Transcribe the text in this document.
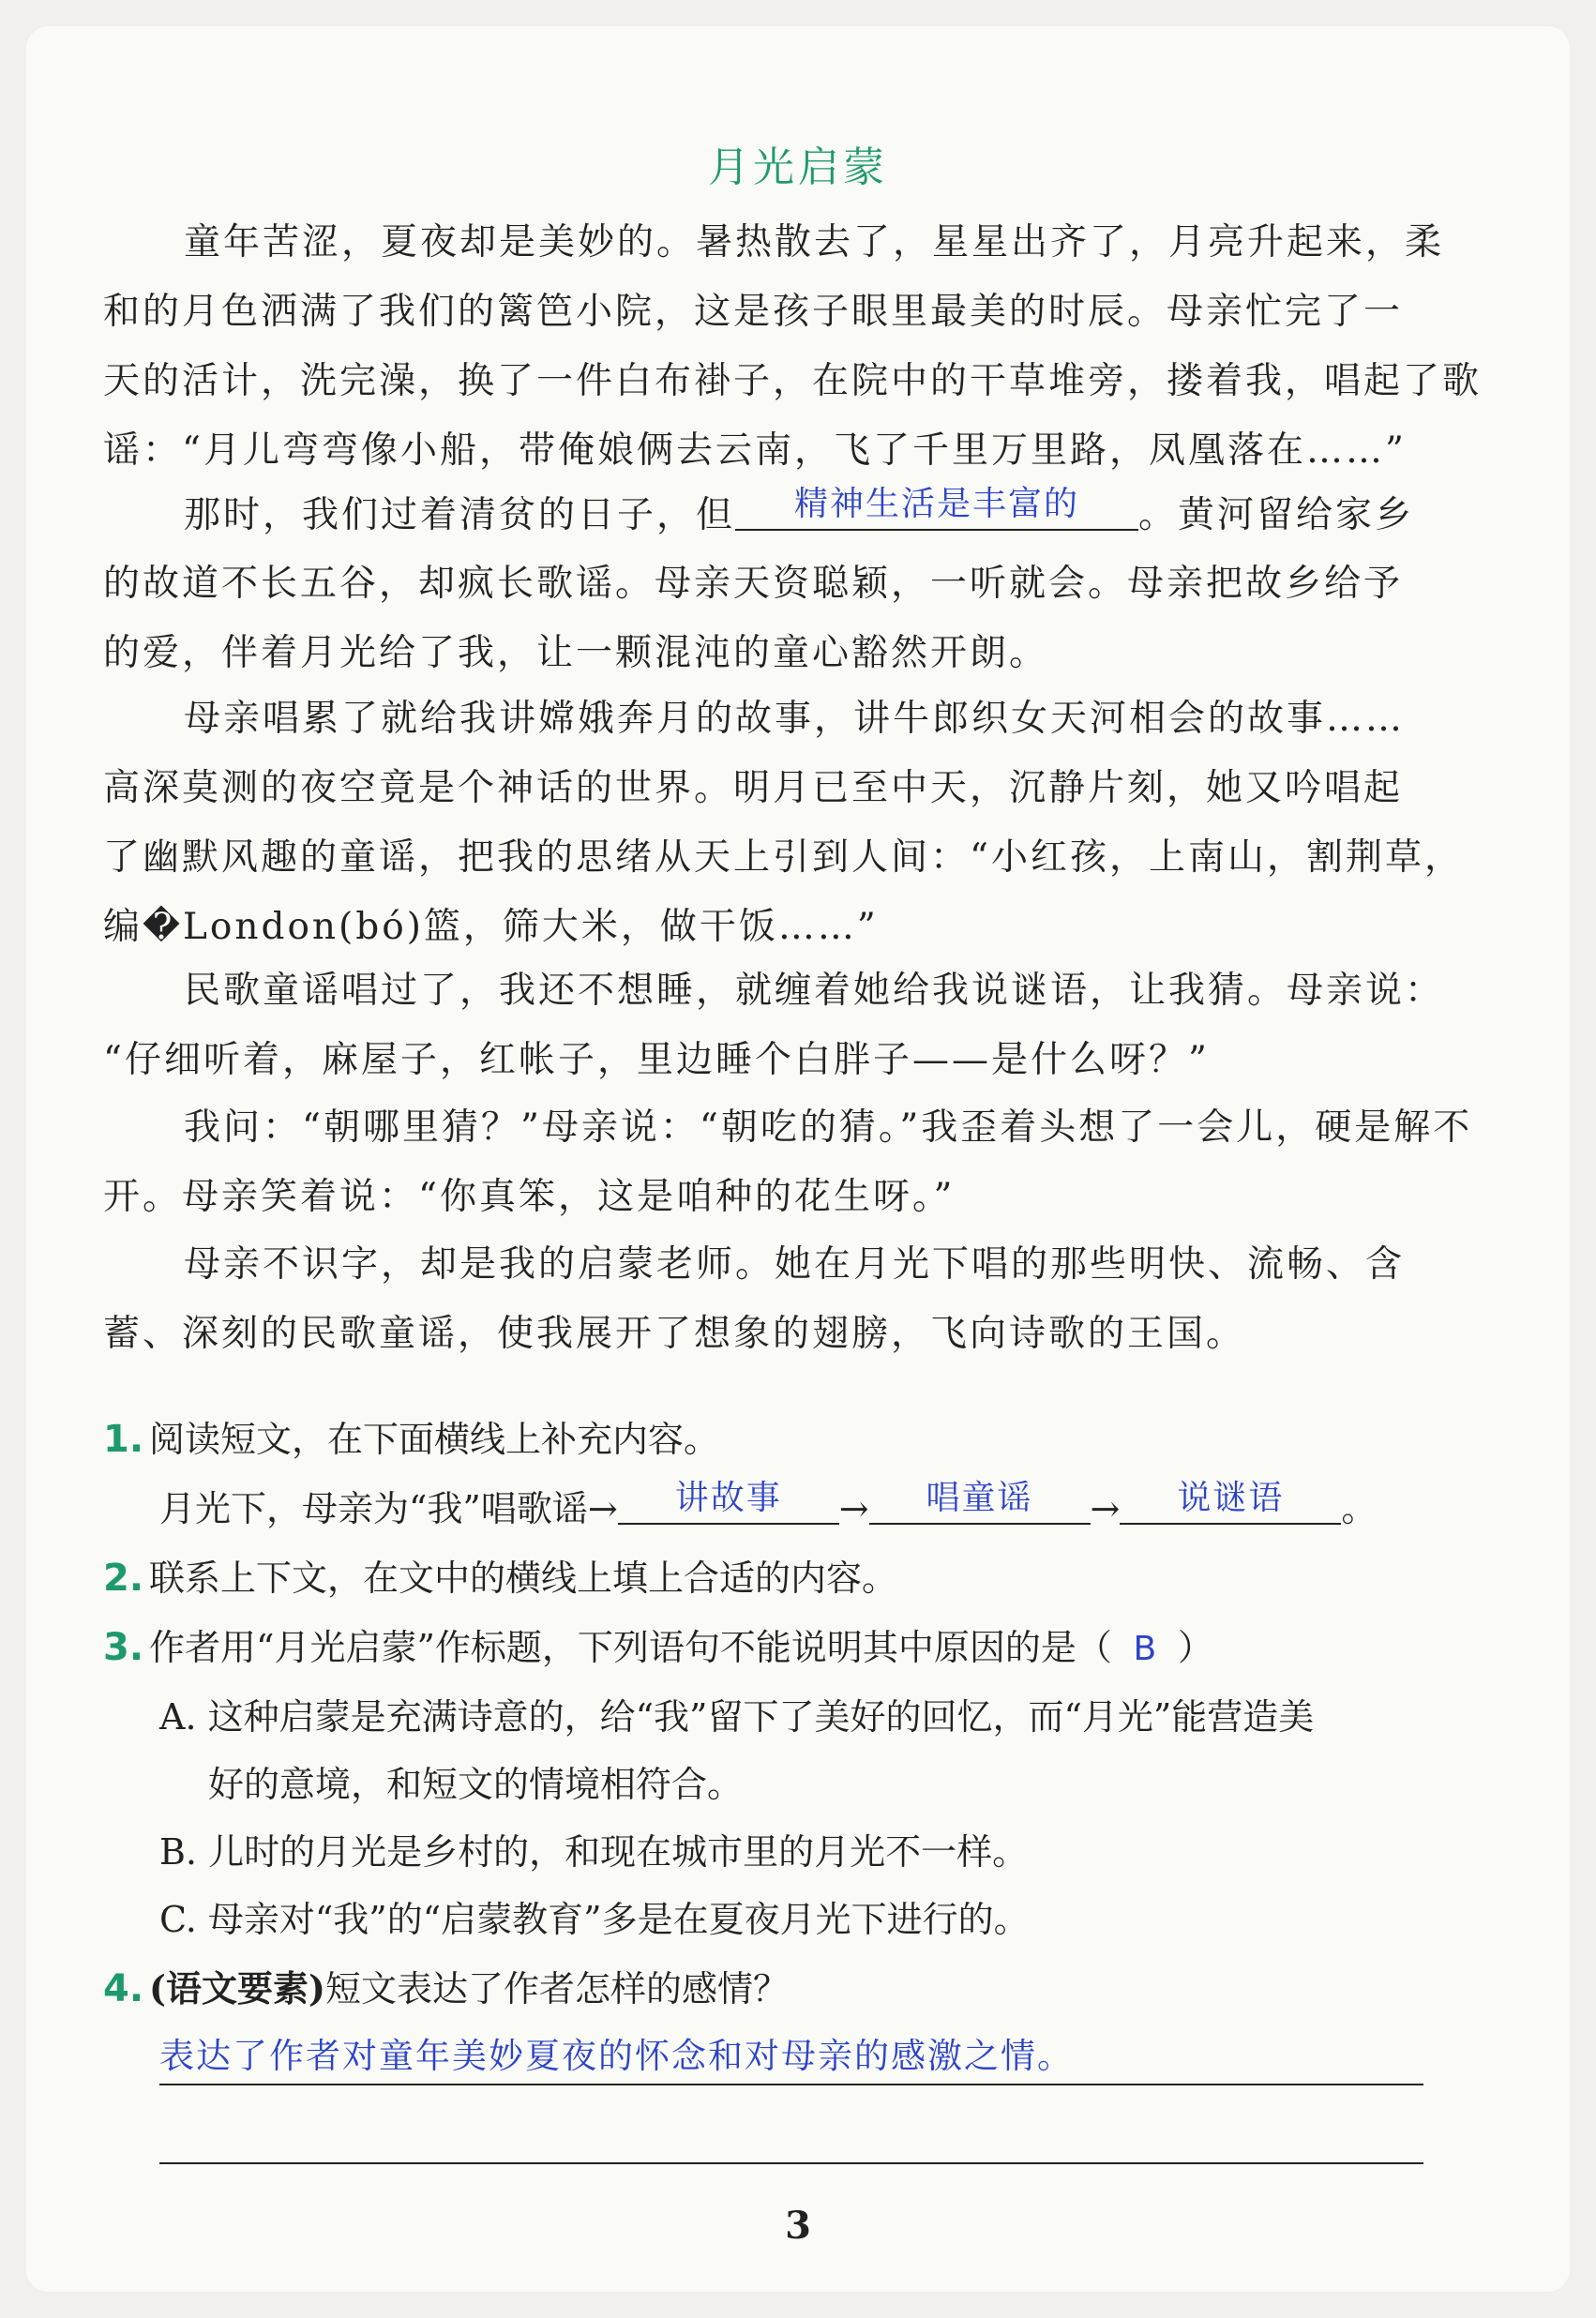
月光启蒙
童年苦涩，夏夜却是美妙的。暑热散去了，星星出齐了，月亮升起来，柔
和的月色洒满了我们的篱笆小院，这是孩子眼里最美的时辰。母亲忙完了一
天的活计，洗完澡，换了一件白布褂子，在院中的干草堆旁，搂着我，唱起了歌
谣：“月儿弯弯像小船，带俺娘俩去云南，飞了千里万里路，凤凰落在……”
那时，我们过着清贫的日子，但	精神生活是丰富的	。黄河留给家乡
的故道不长五谷，却疯长歌谣。母亲天资聪颖，一听就会。母亲把故乡给予
的爱，伴着月光给了我，让一颗混沌的童心豁然开朗。
母亲唱累了就给我讲嫦娥奔月的故事，讲牛郎织女天河相会的故事……
高深莫测的夜空竟是个神话的世界。明月已至中天，沉静片刻，她又吟唱起
了幽默风趣的童谣，把我的思绪从天上引到人间：“小红孩，上南山，割荆草，
编�London(bó)篮，筛大米，做干饭……”
民歌童谣唱过了，我还不想睡，就缠着她给我说谜语，让我猜。母亲说：
“仔细听着，麻屋子，红帐子，里边睡个白胖子——是什么呀？”
我问：“朝哪里猜？”母亲说：“朝吃的猜。”我歪着头想了一会儿，硬是解不
开。母亲笑着说：“你真笨，这是咱种的花生呀。”
母亲不识字，却是我的启蒙老师。她在月光下唱的那些明快、流畅、含
蓄、深刻的民歌童谣，使我展开了想象的翅膀，飞向诗歌的王国。
1. 阅读短文，在下面横线上补充内容。
月光下，母亲为“我”唱歌谣→	讲故事	→	唱童谣	→	说谜语	。
2. 联系上下文，在文中的横线上填上合适的内容。
3. 作者用“月光启蒙”作标题，下列语句不能说明其中原因的是（ B ）
A. 这种启蒙是充满诗意的，给“我”留下了美好的回忆，而“月光”能营造美
好的意境，和短文的情境相符合。
B. 儿时的月光是乡村的，和现在城市里的月光不一样。
C. 母亲对“我”的“启蒙教育”多是在夏夜月光下进行的。
4. (语文要素)短文表达了作者怎样的感情？
表达了作者对童年美妙夏夜的怀念和对母亲的感激之情。
3
